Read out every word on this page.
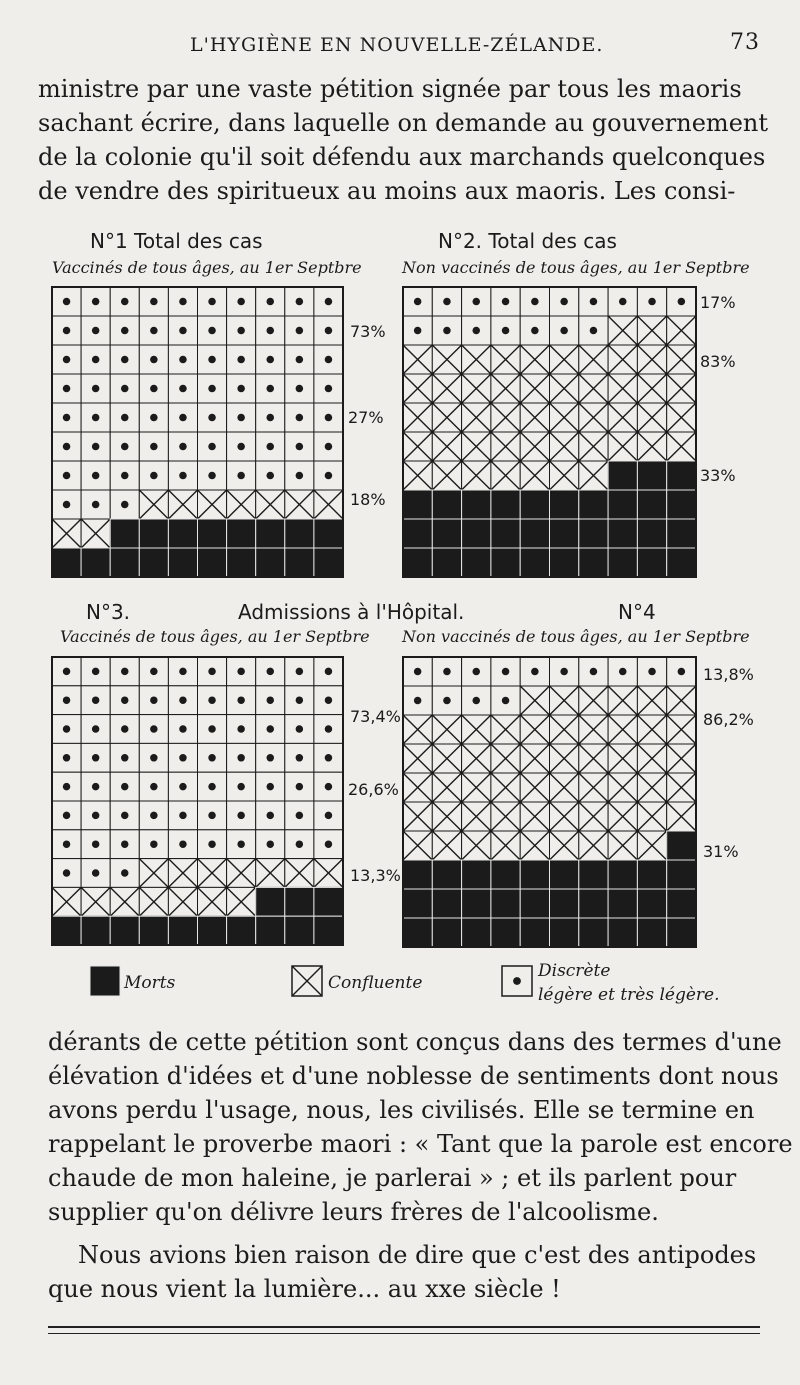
L'HYGIÈNE EN NOUVELLE-ZÉLANDE.	73
ministre par une vaste pétition signée par tous les maoris
sachant écrire, dans laquelle on demande au gouvernement
de la colonie qu'il soit défendu aux marchands quelconques
de vendre des spiritueux au moins aux maoris. Les consi-
N°1 Total des cas
Vaccinés de tous âges, au 1er Septbre
N°2. Total des cas
Non vaccinés de tous âges, au 1er Septbre
N°3.	Admissions à l'Hôpital.	N°4
Vaccinés de tous âges, au 1er Septbre Non vaccinés de tous âges, au 1er Septbre
73%
27%
18%
17%
83%
33%
73,4%
26,6%
13,3%
13,8%
86,2%
31%
Morts	Confluente
Discrète
légère et très légère.
dérants de cette pétition sont conçus dans des termes d'une
élévation d'idées et d'une noblesse de sentiments dont nous
avons perdu l'usage, nous, les civilisés. Elle se termine en
rappelant le proverbe maori : « Tant que la parole est encore
chaude de mon haleine, je parlerai » ; et ils parlent pour
supplier qu'on délivre leurs frères de l'alcoolisme.
Nous avions bien raison de dire que c'est des antipodes
que nous vient la lumière... au xxe siècle !
